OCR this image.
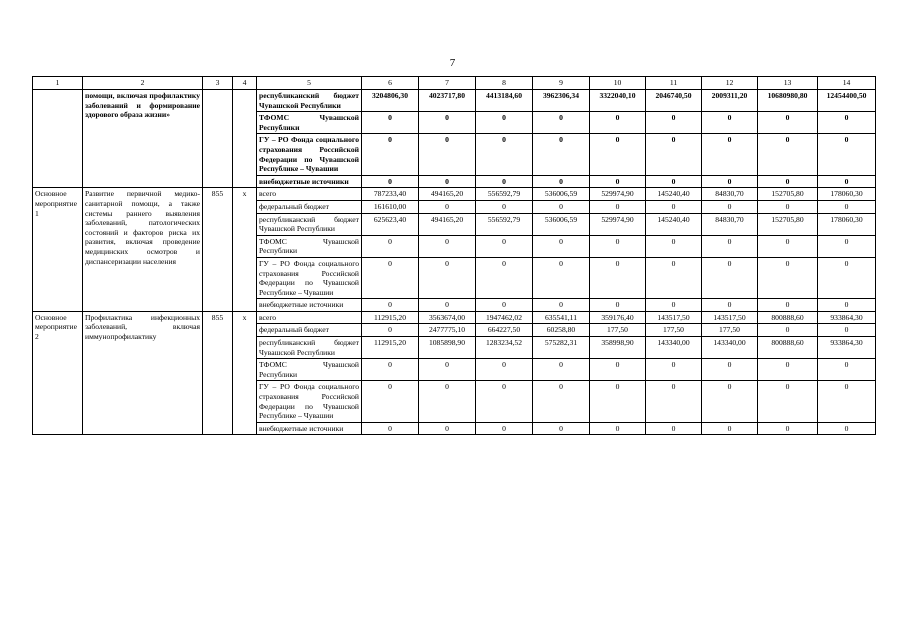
7
1	2	3	4	5	6	7	8	9	10	11	12	13	14
	помощи, включая профилактику заболеваний и формирование здорового образа жизни»			республиканский бюджет Чувашской Республики	3204806,30	4023717,80	4413184,60	3962306,34	3322040,10	2046740,50	2009311,20	10680980,80	12454400,50
				ТФОМС Чувашской Республики	0	0	0	0	0	0	0	0	0
				ГУ – РО Фонда социального страхования Российской Федерации по Чувашской Республике – Чувашии	0	0	0	0	0	0	0	0	0
				внебюджетные источники	0	0	0	0	0	0	0	0	0
Основное мероприятие 1	Развитие первичной медико-санитарной помощи, а также системы раннего выявления заболеваний, патологических состояний и факторов риска их развития, включая проведение медицинских осмотров и диспансеризации населения	855	x	всего	787233,40	494165,20	556592,79	536006,59	529974,90	145240,40	84830,70	152705,80	178060,30
				федеральный бюджет	161610,00	0	0	0	0	0	0	0	0
				республиканский бюджет Чувашской Республики	625623,40	494165,20	556592,79	536006,59	529974,90	145240,40	84830,70	152705,80	178060,30
				ТФОМС Чувашской Республики	0	0	0	0	0	0	0	0	0
				ГУ – РО Фонда социального страхования Российской Федерации по Чувашской Республике – Чувашии	0	0	0	0	0	0	0	0	0
				внебюджетные источники	0	0	0	0	0	0	0	0	0
Основное мероприятие 2	Профилактика инфекционных заболеваний, включая иммунопрофилактику	855	x	всего	112915,20	3563674,00	1947462,02	635541,11	359176,40	143517,50	143517,50	800888,60	933864,30
				федеральный бюджет	0	2477775,10	664227,50	60258,80	177,50	177,50	177,50	0	0
				республиканский бюджет Чувашской Республики	112915,20	1085898,90	1283234,52	575282,31	358998,90	143340,00	143340,00	800888,60	933864,30
				ТФОМС Чувашской Республики	0	0	0	0	0	0	0	0	0
				ГУ – РО Фонда социального страхования Российской Федерации по Чувашской Республике – Чувашии	0	0	0	0	0	0	0	0	0
				внебюджетные источники	0	0	0	0	0	0	0	0	0
